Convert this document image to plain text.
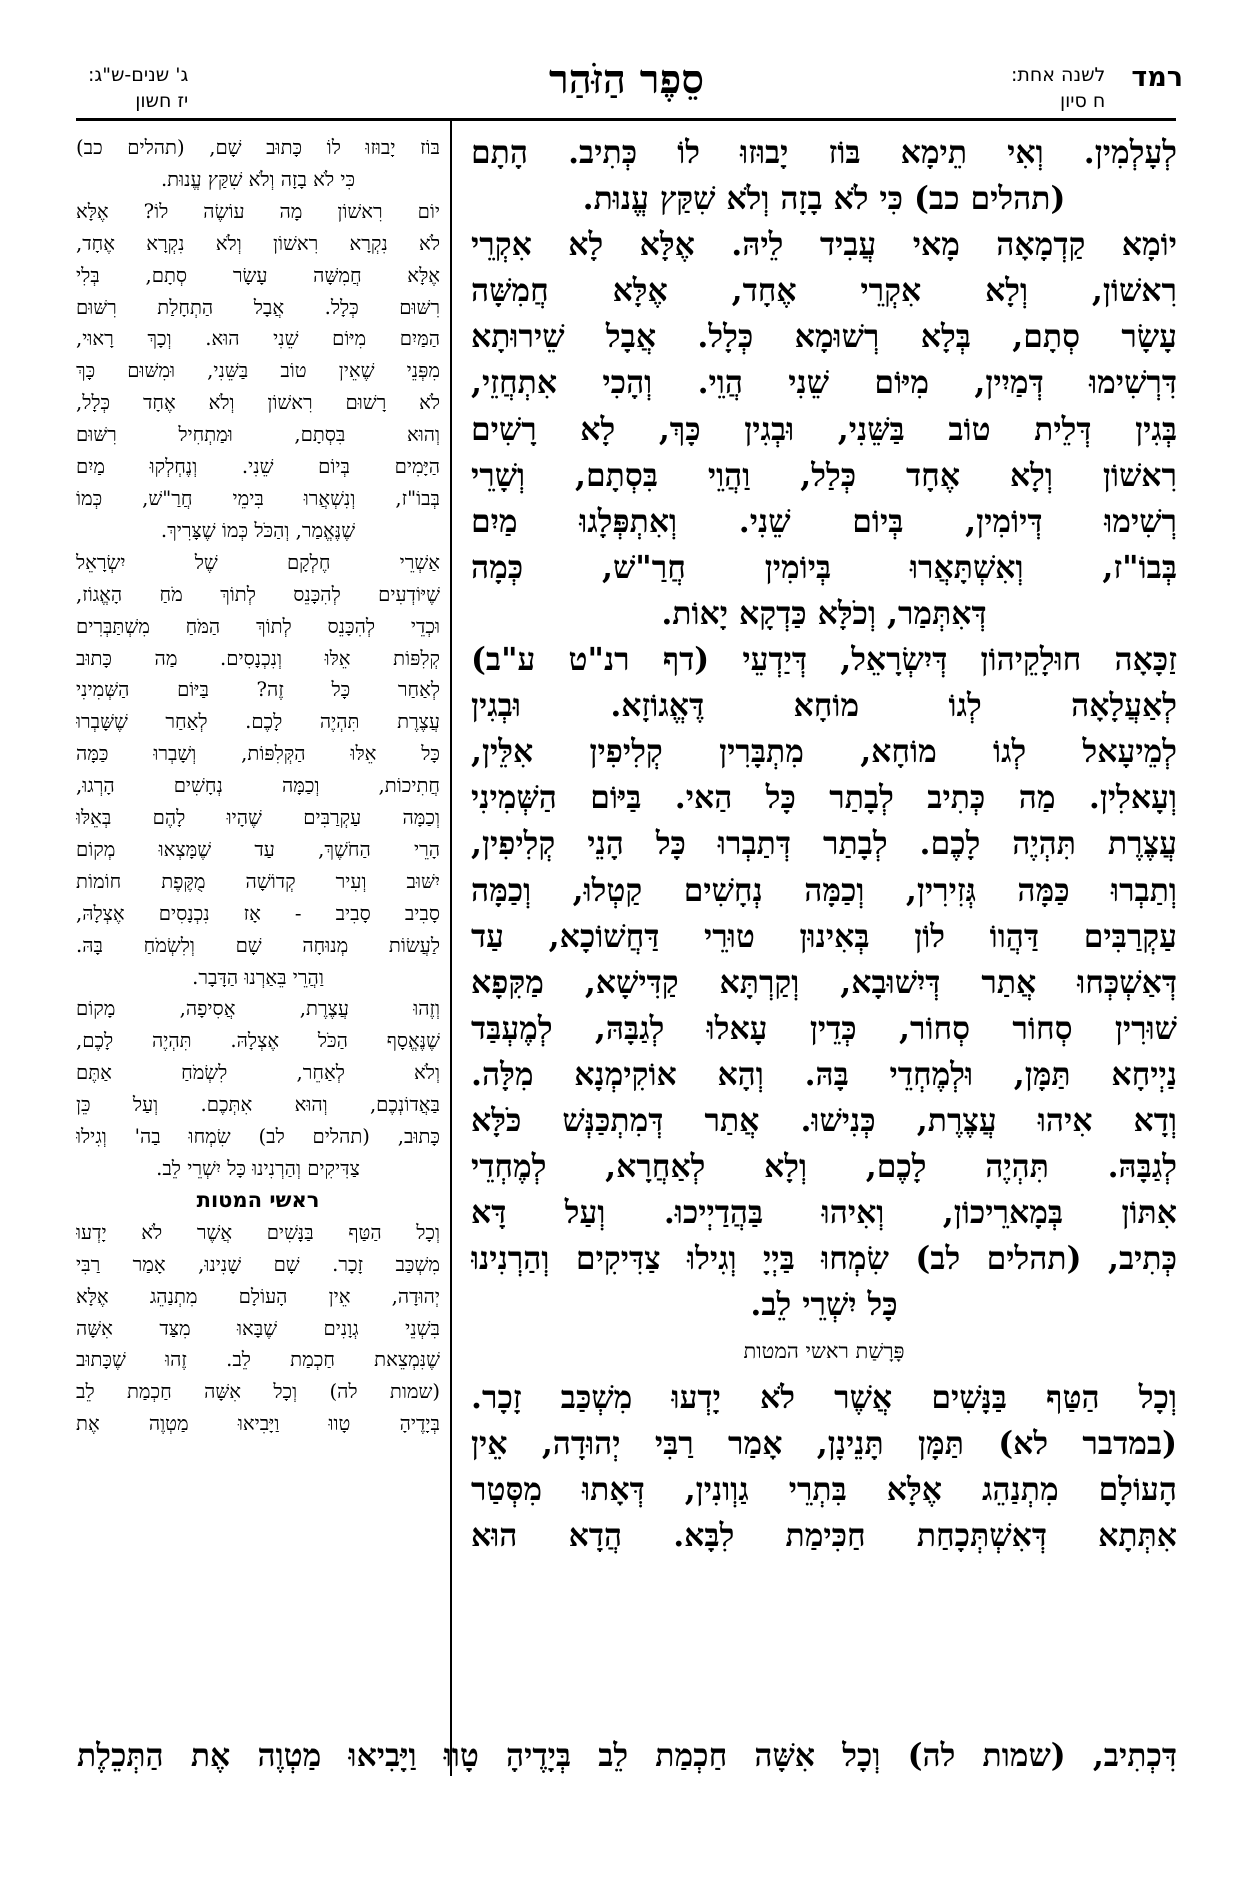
רמד
לשנה אחת:
ח סיון
סֵפֶר הַזֹּהַר
ג' שנים-ש"ג:
יז חשון
לְעָלְמִין. וְאִי תֵימָא בּוֹז יָבוּזוּ לוֹ כְּתִיב. הָתָם
(תהלים כב) כִּי לֹא בָזָה וְלֹא שִׁקַּץ עֱנוּת.
יוֹמָא קַדְמָאָה מָאי עֲבִיד לֵיהּ. אֶלָּא לָא אִקְרֵי
רִאשׁוֹן, וְלָא אִקְרֵי אֶחָד, אֶלָּא חֲמִשָּׁה
עָשָׂר סְתָם, בְּלָא רְשׁוּמָא כְּלָל. אֲבָל שֵׁירוּתָא
דִּרְשִׁימוּ דְּמַיִין, מִיּוֹם שֵׁנִי הֲוֵי. וְהָכִי אִתְחֲזֵי,
בְּגִין דְּלֵית טוֹב בַּשֵּׁנִי, וּבְגִין כָּךְ, לָא רָשִׁים
רִאשׁוֹן וְלָא אֶחָד כְּלַל, וַהֲוֵי בִּסְתָם, וְשָׁרֵי
רְשִׁימוּ דְּיוֹמִין, בְּיוֹם שֵׁנִי. וְאִתְפְּלָגוּ מַיִם
בְּבוֹ"ז, וְאִשְׁתָּאֲרוּ בְּיוֹמִין חֲרַ"שׁ, כְּמָה
דְּאִתְּמַר, וְכֹלָּא כַּדְקָא יָאוֹת.
זַכָּאָה חוּלָקֵיהוֹן דְּיִשְׂרָאֵל, דְּיַדְעֵי (דף רנ"ט ע"ב)
לְאַעֲלָאָה לְגוֹ מוֹחָא דֶּאֱגוֹזָא. וּבְגִין
לְמֵיעָאל לְגוֹ מוֹחָא, מִתְבָּרִין קְלִיפִין אִלֵּין,
וְעָאלִין. מַה כְּתִיב לְבָתַר כָּל הַאי. בַּיּוֹם הַשְּׁמִינִי
עֲצֶרֶת תִּהְיֶה לָכֶם. לְבָתַר דְּתַבְרוּ כָּל הָנֵי קְלִיפִין,
וְתַבְרוּ כַּמָּה גְּזִירִין, וְכַמָּה נְחָשִׁים קַטְלוּ, וְכַמָּה
עַקְרַבִּים דַּהֲווֹ לוֹן בְּאִינוּן טוּרֵי דַּחֲשׁוֹכָא, עַד
דְּאַשְׁכְּחוּ אֲתַר דְּיִשׁוּבָא, וְקַרְתָּא קַדִּישָׁא, מַקִּפָא
שׁוּרִין סְחוֹר סְחוֹר, כְּדֵין עָאלוּ לְגַבָּהּ, לְמֶעְבַּד
נַיְיחָא תַּמָּן, וּלְמֶחְדֵי בָּהּ. וְהָא אוֹקִימְנָא מִלָּה.
וְדָא אִיהוּ עֲצֶרֶת, כְּנִישׁוּ. אֲתַר דְּמִתְכַּנְּשׁ כֹּלָּא
לְגַבָּהּ. תִּהְיֶה לָכֶם, וְלָא לְאַחֲרָא, לְמֶחְדֵי
אִתּוֹן בְּמָארֵיכוֹן, וְאִיהוּ בַּהֲדַיְיכוּ. וְעַל דָּא
כְּתִיב, (תהלים לב) שִׂמְחוּ בַּיְיָ וְגִילוּ צַדִּיקִים וְהַרְנִינוּ
כָּל יִשְׁרֵי לֵב.
פָּרָשַׁת ראשי המטות
וְכָל הַטַּף בַּנָּשִׁים אֲשֶׁר לֹא יָדְעוּ מִשְׁכַּב זָכָר.
(במדבר לא) תַּמָּן תָּנֵינָן, אָמַר רַבִּי יְהוּדָה, אֵין
הָעוֹלָם מִתְנַהֵג אֶלָּא בִּתְרֵי גַוְונִין, דְּאָתוּ מִסְּטַר
אִתְּתָא דְּאִשְׁתְּכָחַת חַכִּימַת לִבָּא. הֲדָא הוּא
בּוֹז יָבוּזוּ לוֹ כָּתוּב שָׁם, (תהלים כב)
כִּי לֹא בָזָה וְלֹא שִׁקַּץ עֱנוּת.
יוֹם רִאשׁוֹן מָה עוֹשֶׂה לוֹ? אֶלָּא
לֹא נִקְרָא רִאשׁוֹן וְלֹא נִקְרָא אֶחָד,
אֶלָּא חֲמִשָּׁה עָשָׂר סְתָם, בְּלִי
רִשּׁוּם כְּלָל. אֲבָל הַתְחָלַת רִשּׁוּם
הַמַּיִם מִיּוֹם שֵׁנִי הוּא. וְכָךְ רָאוּי,
מִפְּנֵי שֶׁאֵין טוֹב בַּשֵּׁנִי, וּמִשּׁוּם כָּךְ
לֹא רָשׁוּם רִאשׁוֹן וְלֹא אֶחָד כְּלָל,
וְהוּא בִּסְתָם, וּמַתְחִיל רִשּׁוּם
הַיָּמִים בְּיוֹם שֵׁנִי. וְנֶחְלְקוּ מַיִם
בְּבוֹ"ז, וְנִשְׁאֲרוּ בִּימֵי חֲרַ"שׁ, כְּמוֹ
שֶׁנֶּאֱמַר, וְהַכֹּל כְּמוֹ שֶׁצָּרִיךְ.
אַשְׁרֵי חֶלְקָם שֶׁל יִשְׂרָאֵל
שֶׁיּוֹדְעִים לְהִכָּנֵס לְתוֹךְ מֹחַ הָאֱגוֹז,
וּכְדֵי לְהִכָּנֵס לְתוֹךְ הַמֹּחַ מִשְׁתַּבְּרִים
קְלִפּוֹת אֵלּוּ וְנִכְנָסִים. מַה כָּתוּב
לְאַחַר כָּל זֶה? בַּיּוֹם הַשְּׁמִינִי
עֲצֶרֶת תִּהְיֶה לָכֶם. לְאַחַר שֶׁשָּׁבְרוּ
כָּל אֵלּוּ הַקְּלִפּוֹת, וְשָׁבְרוּ כַּמָּה
חֲתִיכוֹת, וְכַמָּה נְחָשִׁים הָרְגוּ,
וְכַמָּה עַקְרַבִּים שֶׁהָיוּ לָהֶם בְּאֵלּוּ
הָרֵי הַחֹשֶׁךְ, עַד שֶׁמָּצְאוּ מְקוֹם
יִשּׁוּב וְעִיר קְדוֹשָׁה מֻקֶּפֶת חוֹמוֹת
סָבִיב סָבִיב - אָז נִכְנָסִים אֶצְלָהּ,
לַעֲשׂוֹת מְנוּחָה שָׁם וְלִשְׂמֹחַ בָּהּ.
וַהֲרֵי בֵּאַרְנוּ הַדָּבָר.
וְזֶהוּ עֲצֶרֶת, אֲסִיפָה, מָקוֹם
שֶׁנֶּאֱסָף הַכֹּל אֶצְלָהּ. תִּהְיֶה לָכֶם,
וְלֹא לְאַחֵר, לִשְׂמֹחַ אַתֶּם
בַּאֲדוֹנְכֶם, וְהוּא אִתְּכֶם. וְעַל כֵּן
כָּתוּב, (תהלים לב) שִׂמְחוּ בַה' וְגִילוּ
צַדִּיקִים וְהַרְנִינוּ כָּל יִשְׁרֵי לֵב.
ראשי המטות
וְכָל הַטַּף בַּנָּשִׁים אֲשֶׁר לֹא יָדְעוּ
מִשְׁכַּב זָכָר. שָׁם שָׁנִינוּ, אָמַר רַבִּי
יְהוּדָה, אֵין הָעוֹלָם מִתְנַהֵג אֶלָּא
בִּשְׁנֵי גְוָנִים שֶׁבָּאוּ מִצַּד אִשָּׁה
שֶׁנִּמְצֵאת חַכְמַת לֵב. זֶהוּ שֶׁכָּתוּב
(שמות לה) וְכָל אִשָּׁה חַכְמַת לֵב
בְּיָדֶיהָ טָווּ וַיָּבִיאוּ מַטְוֶה אֶת
דִּכְתִיב, (שמות לה) וְכָל אִשָּׁה חַכְמַת לֵב בְּיָדֶיהָ טָווּ וַיָּבִיאוּ מַטְוֶה אֶת הַתְּכֵלֶת
